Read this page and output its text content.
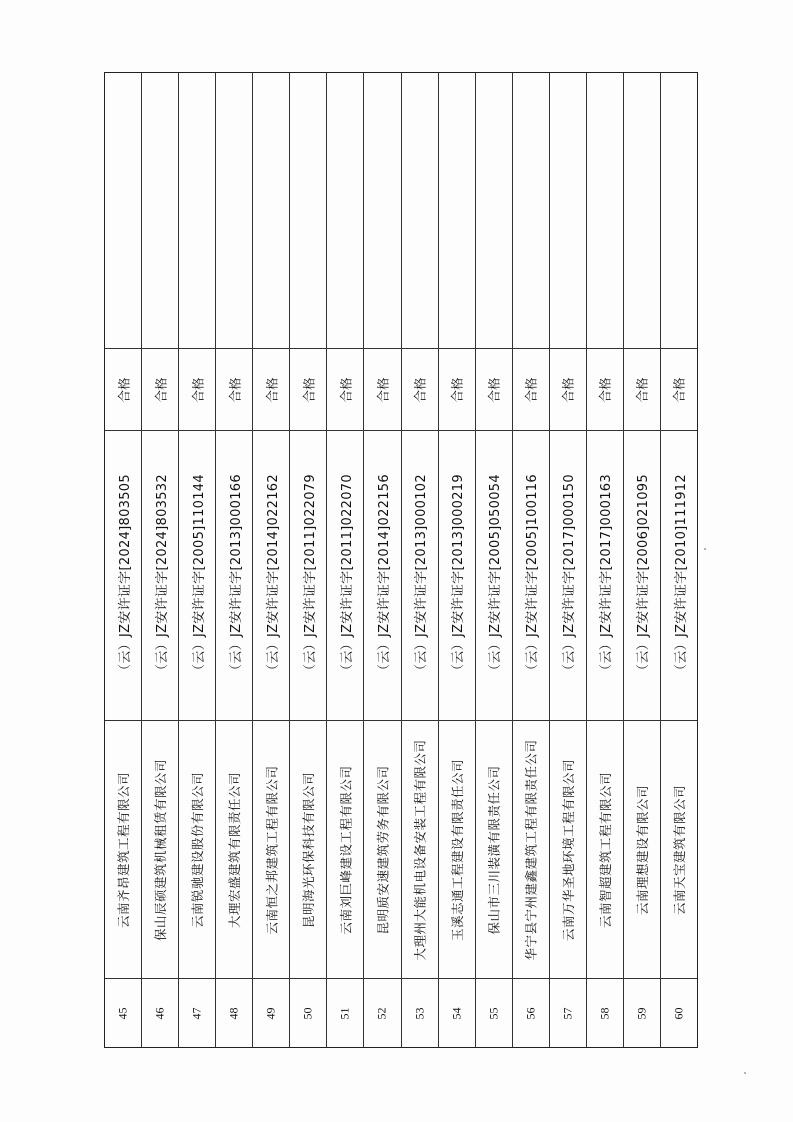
合格
（云）JZ安许证字[2024]803505
云南齐昂建筑工程有限公司
45
合格
（云）JZ安许证字[2024]803532
保山辰硕建筑机械租赁有限公司
46
合格
（云）JZ安许证字[2005]110144
云南锐驰建设股份有限公司
47
合格
（云）JZ安许证字[2013]000166
大理宏盛建筑有限责任公司
48
合格
（云）JZ安许证字[2014]022162
云南恒之邦建筑工程有限公司
49
合格
（云）JZ安许证字[2011]022079
昆明海光环保科技有限公司
50
合格
（云）JZ安许证字[2011]022070
云南刘巨峰建设工程有限公司
51
合格
（云）JZ安许证字[2014]022156
昆明质安速建筑劳务有限公司
52
合格
（云）JZ安许证字[2013]000102
大理州大能机电设备安装工程有限公司
53
合格
（云）JZ安许证字[2013]000219
玉溪志通工程建设有限责任公司
54
合格
（云）JZ安许证字[2005]050054
保山市三川装潢有限责任公司
55
合格
（云）JZ安许证字[2005]100116
华宁县宁州建鑫建筑工程有限责任公司
56
合格
（云）JZ安许证字[2017]000150
云南万华圣地环境工程有限公司
57
合格
（云）JZ安许证字[2017]000163
云南智超建筑工程有限公司
58
合格
（云）JZ安许证字[2006]021095
云南理想建设有限公司
59
合格
（云）JZ安许证字[2010]111912
云南天宝建筑有限公司
60
